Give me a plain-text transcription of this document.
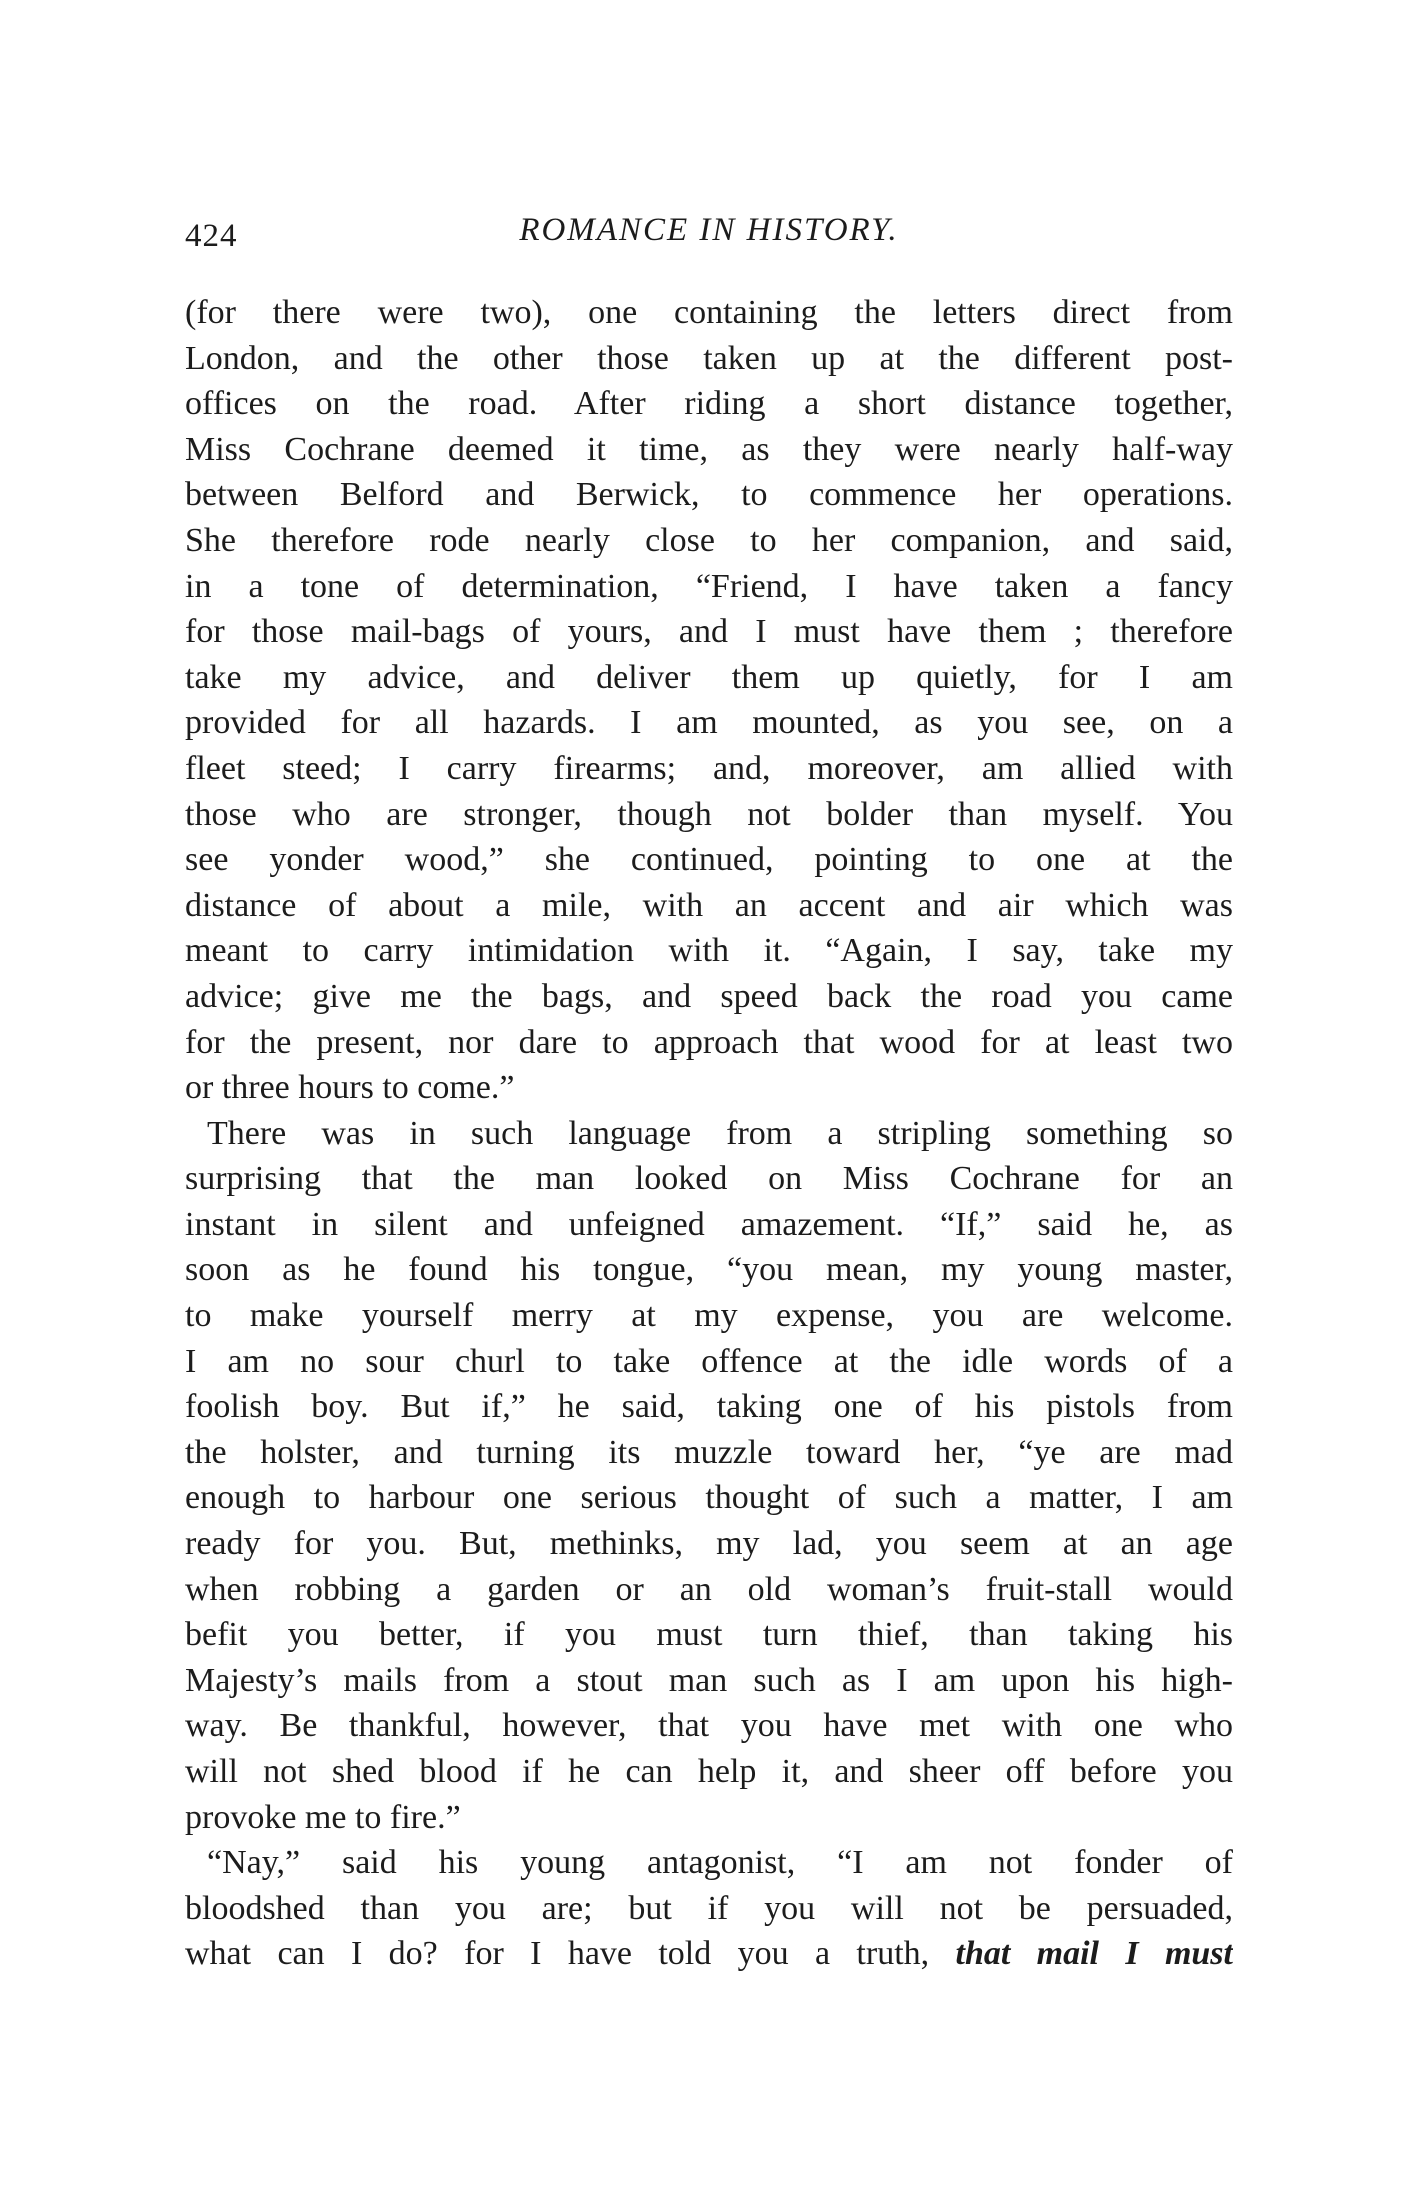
424	ROMANCE IN HISTORY.
(for there were two), one containing the letters direct from
London, and the other those taken up at the different post-
offices on the road. After riding a short distance together,
Miss Cochrane deemed it time, as they were nearly half-way
between Belford and Berwick, to commence her operations.
She therefore rode nearly close to her companion, and said,
in a tone of determination, “Friend, I have taken a fancy
for those mail-bags of yours, and I must have them ; therefore
take my advice, and deliver them up quietly, for I am
provided for all hazards. I am mounted, as you see, on a
fleet steed; I carry firearms; and, moreover, am allied with
those who are stronger, though not bolder than myself. You
see yonder wood,” she continued, pointing to one at the
distance of about a mile, with an accent and air which was
meant to carry intimidation with it. “Again, I say, take my
advice; give me the bags, and speed back the road you came
for the present, nor dare to approach that wood for at least two
or three hours to come.”
There was in such language from a stripling something so
surprising that the man looked on Miss Cochrane for an
instant in silent and unfeigned amazement. “If,” said he, as
soon as he found his tongue, “you mean, my young master,
to make yourself merry at my expense, you are welcome.
I am no sour churl to take offence at the idle words of a
foolish boy. But if,” he said, taking one of his pistols from
the holster, and turning its muzzle toward her, “ye are mad
enough to harbour one serious thought of such a matter, I am
ready for you. But, methinks, my lad, you seem at an age
when robbing a garden or an old woman’s fruit-stall would
befit you better, if you must turn thief, than taking his
Majesty’s mails from a stout man such as I am upon his high-
way. Be thankful, however, that you have met with one who
will not shed blood if he can help it, and sheer off before you
provoke me to fire.”
“Nay,” said his young antagonist, “I am not fonder of
bloodshed than you are; but if you will not be persuaded,
what can I do? for I have told you a truth, that mail I must
